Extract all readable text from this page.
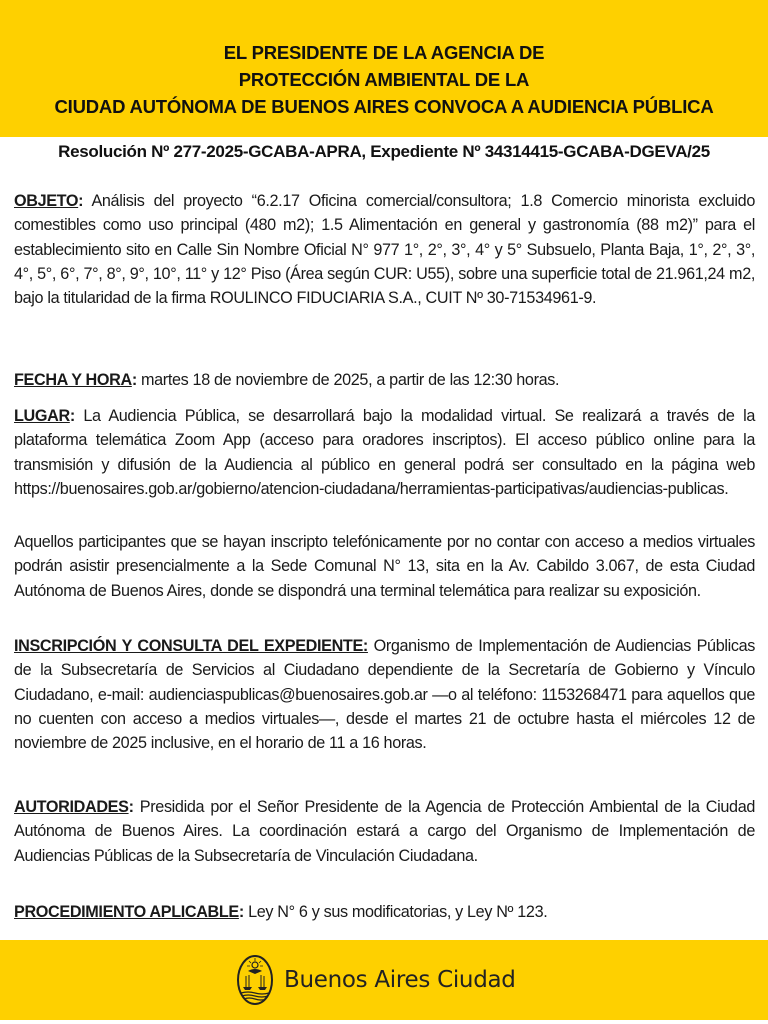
EL PRESIDENTE DE LA AGENCIA DE
PROTECCIÓN AMBIENTAL DE LA
CIUDAD AUTÓNOMA DE BUENOS AIRES CONVOCA A AUDIENCIA PÚBLICA
Resolución Nº 277-2025-GCABA-APRA, Expediente Nº 34314415-GCABA-DGEVA/25

OBJETO: Análisis del proyecto “6.2.17 Oficina comercial/consultora; 1.8 Comercio minorista excluido comestibles como uso principal (480 m2); 1.5 Alimentación en general y gastronomía (88 m2)” para el establecimiento sito en Calle Sin Nombre Oficial N° 977 1°, 2°, 3°, 4° y 5° Subsuelo, Planta Baja, 1°, 2°, 3°, 4°, 5°, 6°, 7°, 8°, 9°, 10°, 11° y 12° Piso (Área según CUR: U55), sobre una superficie total de 21.961,24 m2, bajo la titularidad de la firma ROULINCO FIDUCIARIA S.A., CUIT Nº 30-71534961-9.

FECHA Y HORA: martes 18 de noviembre de 2025, a partir de las 12:30 horas.

LUGAR: La Audiencia Pública, se desarrollará bajo la modalidad virtual. Se realizará a través de la plataforma telemática Zoom App (acceso para oradores inscriptos). El acceso público online para la transmisión y difusión de la Audiencia al público en general podrá ser consultado en la página web https://buenosaires.gob.ar/gobierno/atencion-ciudadana/herramientas-participativas/audiencias-publicas.

Aquellos participantes que se hayan inscripto telefónicamente por no contar con acceso a medios virtuales podrán asistir presencialmente a la Sede Comunal N° 13, sita en la Av. Cabildo 3.067, de esta Ciudad Autónoma de Buenos Aires, donde se dispondrá una terminal telemática para realizar su exposición.

INSCRIPCIÓN Y CONSULTA DEL EXPEDIENTE: Organismo de Implementación de Audiencias Públicas de la Subsecretaría de Servicios al Ciudadano dependiente de la Secretaría de Gobierno y Vínculo Ciudadano, e-mail: audienciaspublicas@buenosaires.gob.ar —o al teléfono: 1153268471 para aquellos que no cuenten con acceso a medios virtuales—, desde el martes 21 de octubre hasta el miércoles 12 de noviembre de 2025 inclusive, en el horario de 11 a 16 horas.

AUTORIDADES: Presidida por el Señor Presidente de la Agencia de Protección Ambiental de la Ciudad Autónoma de Buenos Aires. La coordinación estará a cargo del Organismo de Implementación de Audiencias Públicas de la Subsecretaría de Vinculación Ciudadana.

PROCEDIMIENTO APLICABLE: Ley N° 6 y sus modificatorias, y Ley Nº 123.

Buenos Aires Ciudad
